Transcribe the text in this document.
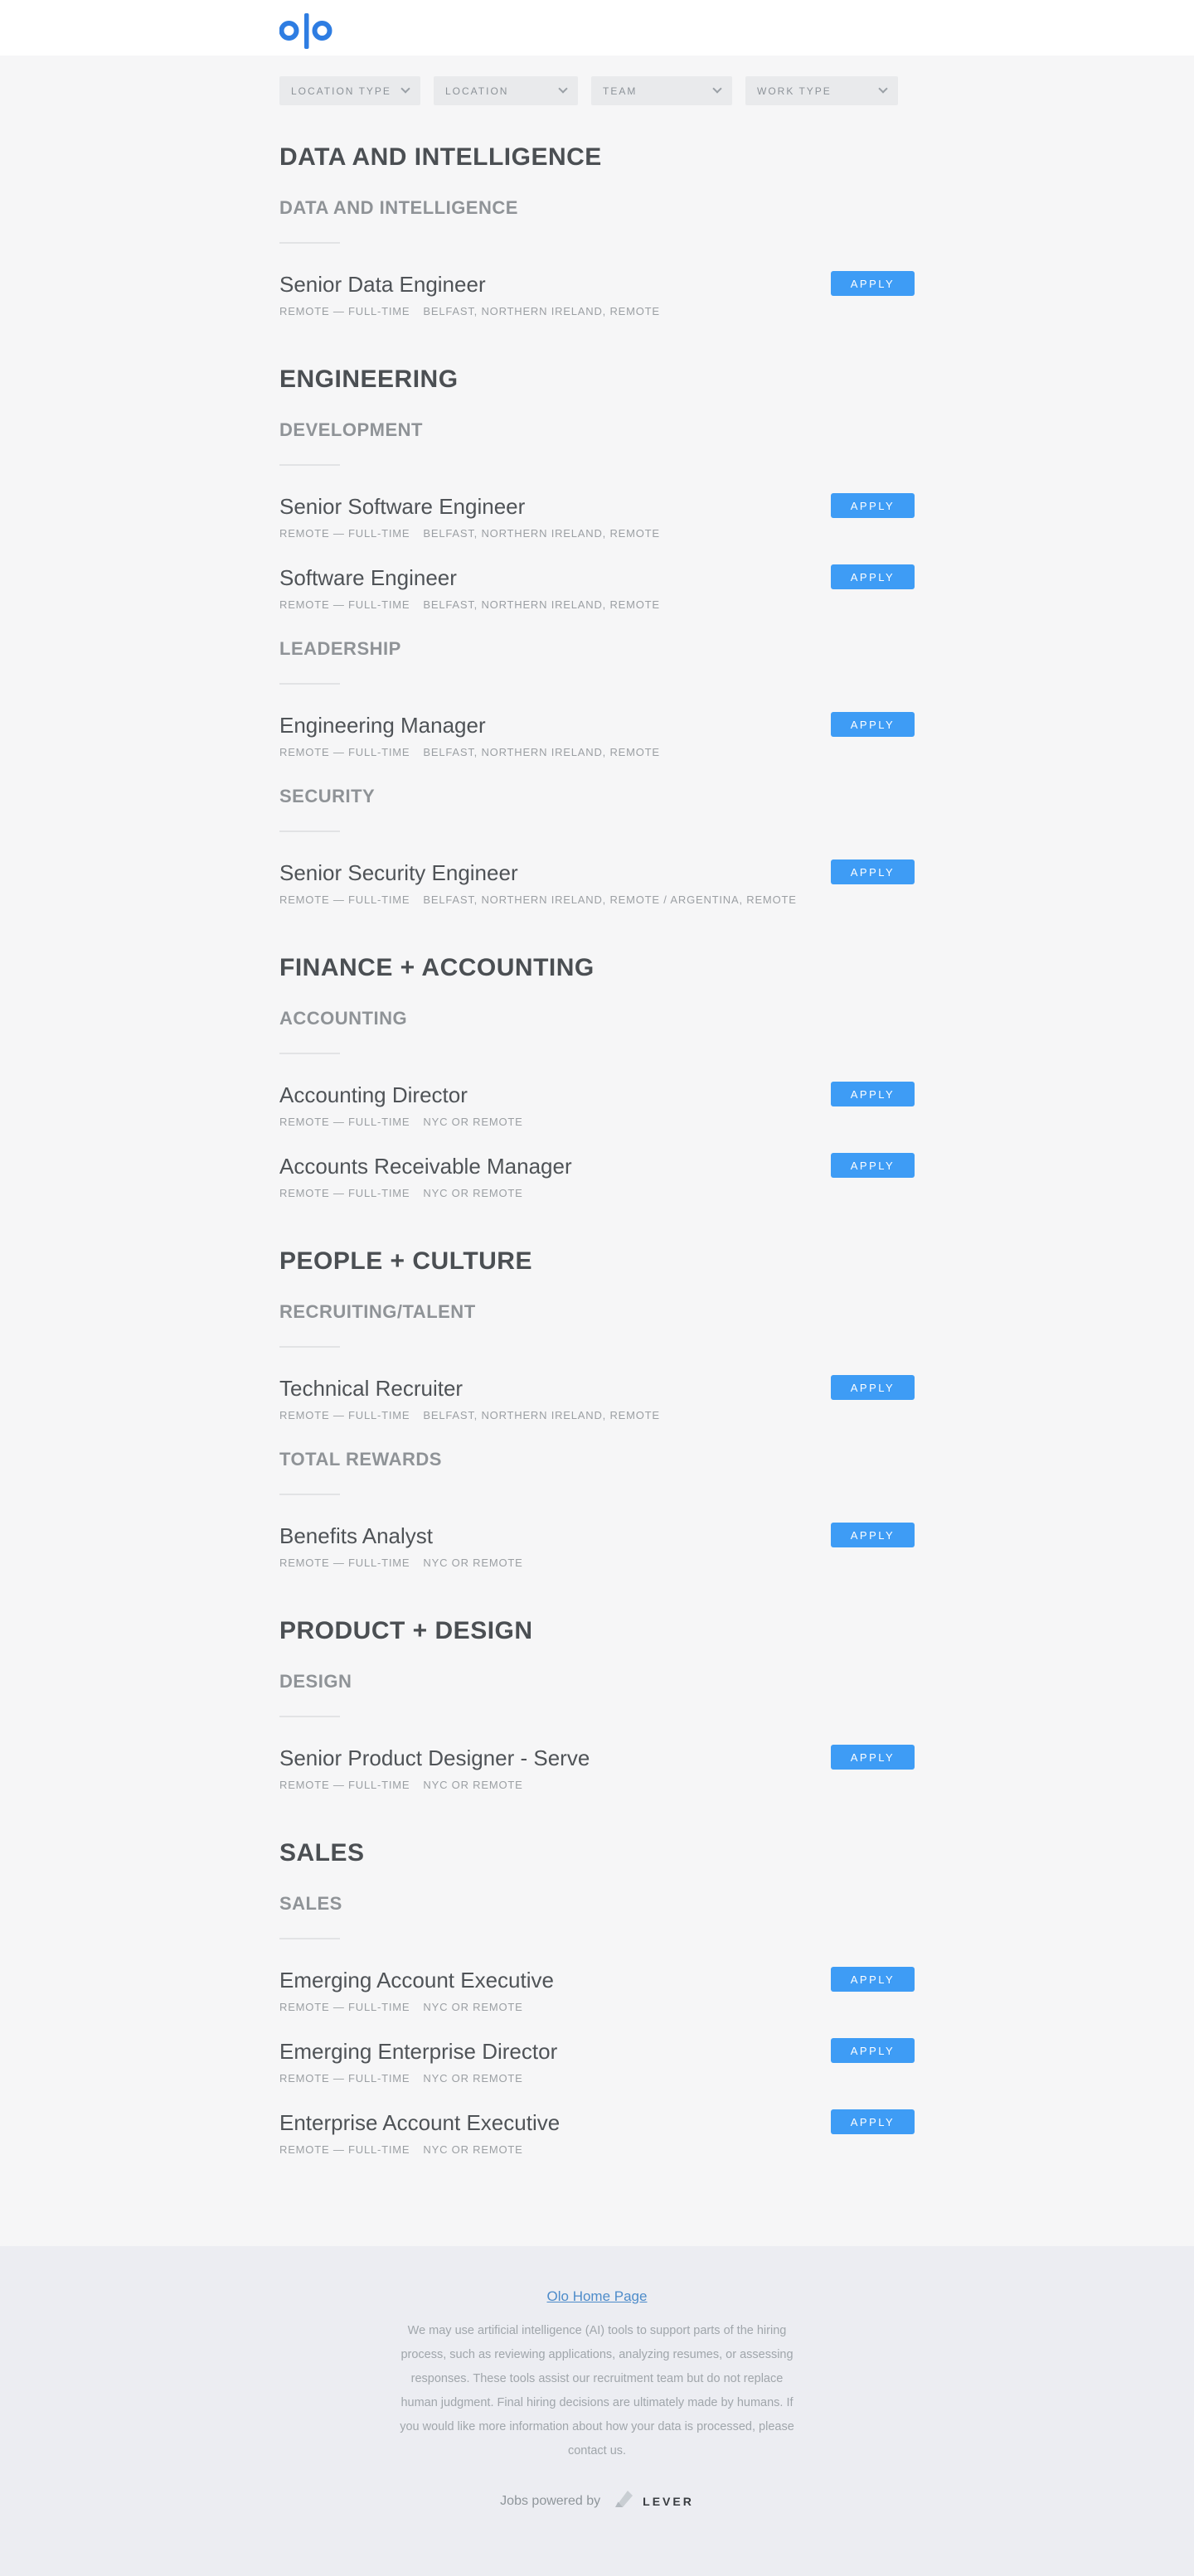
LOCATION TYPE	LOCATION	TEAM	WORK TYPE
DATA AND INTELLIGENCE
DATA AND INTELLIGENCE
Senior Data Engineer
REMOTE — FULL-TIME BELFAST, NORTHERN IRELAND, REMOTE
APPLY
ENGINEERING
DEVELOPMENT
Senior Software Engineer
REMOTE — FULL-TIME BELFAST, NORTHERN IRELAND, REMOTE
APPLY
Software Engineer
REMOTE — FULL-TIME BELFAST, NORTHERN IRELAND, REMOTE
APPLY
LEADERSHIP
Engineering Manager
REMOTE — FULL-TIME BELFAST, NORTHERN IRELAND, REMOTE
APPLY
SECURITY
Senior Security Engineer
REMOTE — FULL-TIME BELFAST, NORTHERN IRELAND, REMOTE / ARGENTINA, REMOTE
APPLY
FINANCE + ACCOUNTING
ACCOUNTING
Accounting Director
REMOTE — FULL-TIME NYC OR REMOTE
APPLY
Accounts Receivable Manager
REMOTE — FULL-TIME NYC OR REMOTE
APPLY
PEOPLE + CULTURE
RECRUITING/TALENT
Technical Recruiter
REMOTE — FULL-TIME BELFAST, NORTHERN IRELAND, REMOTE
APPLY
TOTAL REWARDS
Benefits Analyst
REMOTE — FULL-TIME NYC OR REMOTE
APPLY
PRODUCT + DESIGN
DESIGN
Senior Product Designer - Serve
REMOTE — FULL-TIME NYC OR REMOTE
APPLY
SALES
SALES
Emerging Account Executive
REMOTE — FULL-TIME NYC OR REMOTE
APPLY
Emerging Enterprise Director
REMOTE — FULL-TIME NYC OR REMOTE
APPLY
Enterprise Account Executive
REMOTE — FULL-TIME NYC OR REMOTE
APPLY
Olo Home Page

We may use artificial intelligence (AI) tools to support parts of the hiring process, such as reviewing applications, analyzing resumes, or assessing responses. These tools assist our recruitment team but do not replace human judgment. Final hiring decisions are ultimately made by humans. If you would like more information about how your data is processed, please contact us.

Jobs powered by	LEVER
